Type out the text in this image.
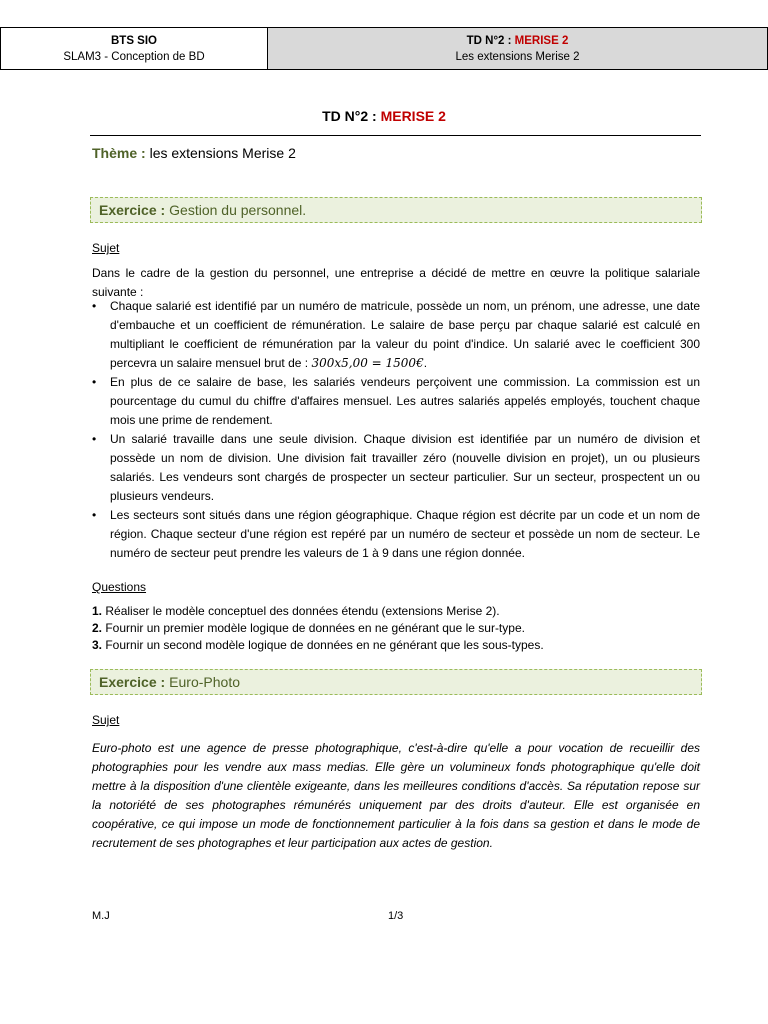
BTS SIO
SLAM3 - Conception de BD
TD N°2 : MERISE 2
Les extensions Merise 2
TD N°2 : MERISE 2
Thème : les extensions Merise 2
Exercice : Gestion du personnel.
Sujet
Dans le cadre de la gestion du personnel, une entreprise a décidé de mettre en œuvre la politique salariale suivante :
• Chaque salarié est identifié par un numéro de matricule, possède un nom, un prénom, une adresse, une date d'embauche et un coefficient de rémunération. Le salaire de base perçu par chaque salarié est calculé en multipliant le coefficient de rémunération par la valeur du point d'indice. Un salarié avec le coefficient 300 percevra un salaire mensuel brut de : 300x5,00 = 1500€.
• En plus de ce salaire de base, les salariés vendeurs perçoivent une commission. La commission est un pourcentage du cumul du chiffre d'affaires mensuel. Les autres salariés appelés employés, touchent chaque mois une prime de rendement.
• Un salarié travaille dans une seule division. Chaque division est identifiée par un numéro de division et possède un nom de division. Une division fait travailler zéro (nouvelle division en projet), un ou plusieurs salariés. Les vendeurs sont chargés de prospecter un secteur particulier. Sur un secteur, prospectent un ou plusieurs vendeurs.
• Les secteurs sont situés dans une région géographique. Chaque région est décrite par un code et un nom de région. Chaque secteur d'une région est repéré par un numéro de secteur et possède un nom de secteur. Le numéro de secteur peut prendre les valeurs de 1 à 9 dans une région donnée.
Questions
1. Réaliser le modèle conceptuel des données étendu (extensions Merise 2).
2. Fournir un premier modèle logique de données en ne générant que le sur-type.
3. Fournir un second modèle logique de données en ne générant que les sous-types.
Exercice : Euro-Photo
Sujet
Euro-photo est une agence de presse photographique, c'est-à-dire qu'elle a pour vocation de recueillir des photographies pour les vendre aux mass medias. Elle gère un volumineux fonds photographique qu'elle doit mettre à la disposition d'une clientèle exigeante, dans les meilleures conditions d'accès. Sa réputation repose sur la notoriété de ses photographes rémunérés uniquement par des droits d'auteur. Elle est organisée en coopérative, ce qui impose un mode de fonctionnement particulier à la fois dans sa gestion et dans le mode de recrutement de ses photographes et leur participation aux actes de gestion.
M.J	1/3
